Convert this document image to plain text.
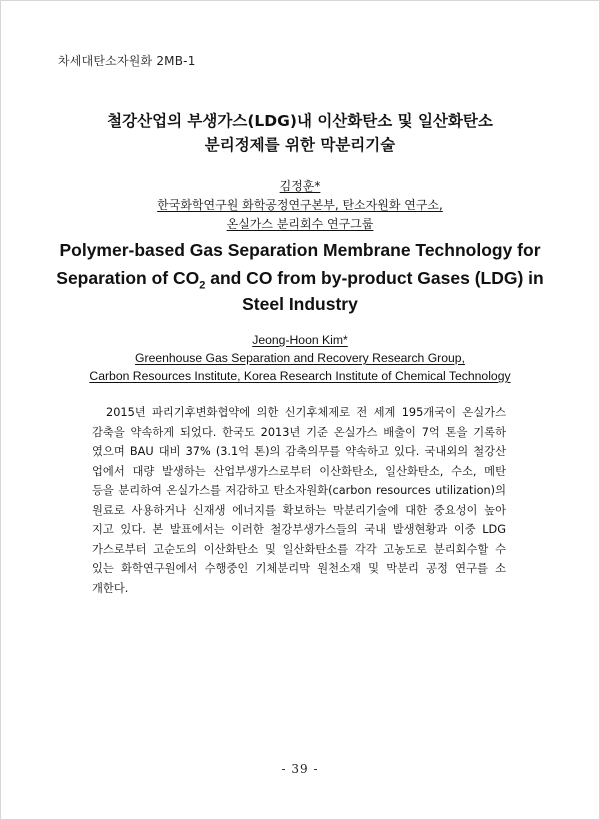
차세대탄소자원화 2MB-1
철강산업의 부생가스(LDG)내 이산화탄소 및 일산화탄소
분리정제를 위한 막분리기술
김정훈*
한국화학연구원 화학공정연구본부, 탄소자원화 연구소,
온실가스 분리회수 연구그룹
Polymer-based Gas Separation Membrane Technology for
Separation of $CO_2$ and CO from by-product Gases (LDG) in
Steel Industry
Jeong-Hoon Kim*
Greenhouse Gas Separation and Recovery Research Group,
Carbon Resources Institute, Korea Research Institute of Chemical Technology
　2015년 파리기후변화협약에 의한 신기후체제로 전 세계 195개국이 온실가스
감축을 약속하게 되었다. 한국도 2013년 기준 온실가스 배출이 7억 톤을 기록하
였으며 BAU 대비 37% (3.1억 톤)의 감축의무를 약속하고 있다. 국내외의 철강산
업에서 대량 발생하는 산업부생가스로부터 이산화탄소, 일산화탄소, 수소, 메탄
등을 분리하여 온실가스를 저감하고 탄소자원화(carbon resources utilization)의
원료로 사용하거나 신재생 에너지를 확보하는 막분리기술에 대한 중요성이 높아
지고 있다. 본 발표에서는 이러한 철강부생가스들의 국내 발생현황과 이중 LDG
가스로부터 고순도의 이산화탄소 및 일산화탄소를 각각 고농도로 분리회수할 수
있는 화학연구원에서 수행중인 기체분리막 원천소재 및 막분리 공정 연구를 소
개한다.
- 39 -
